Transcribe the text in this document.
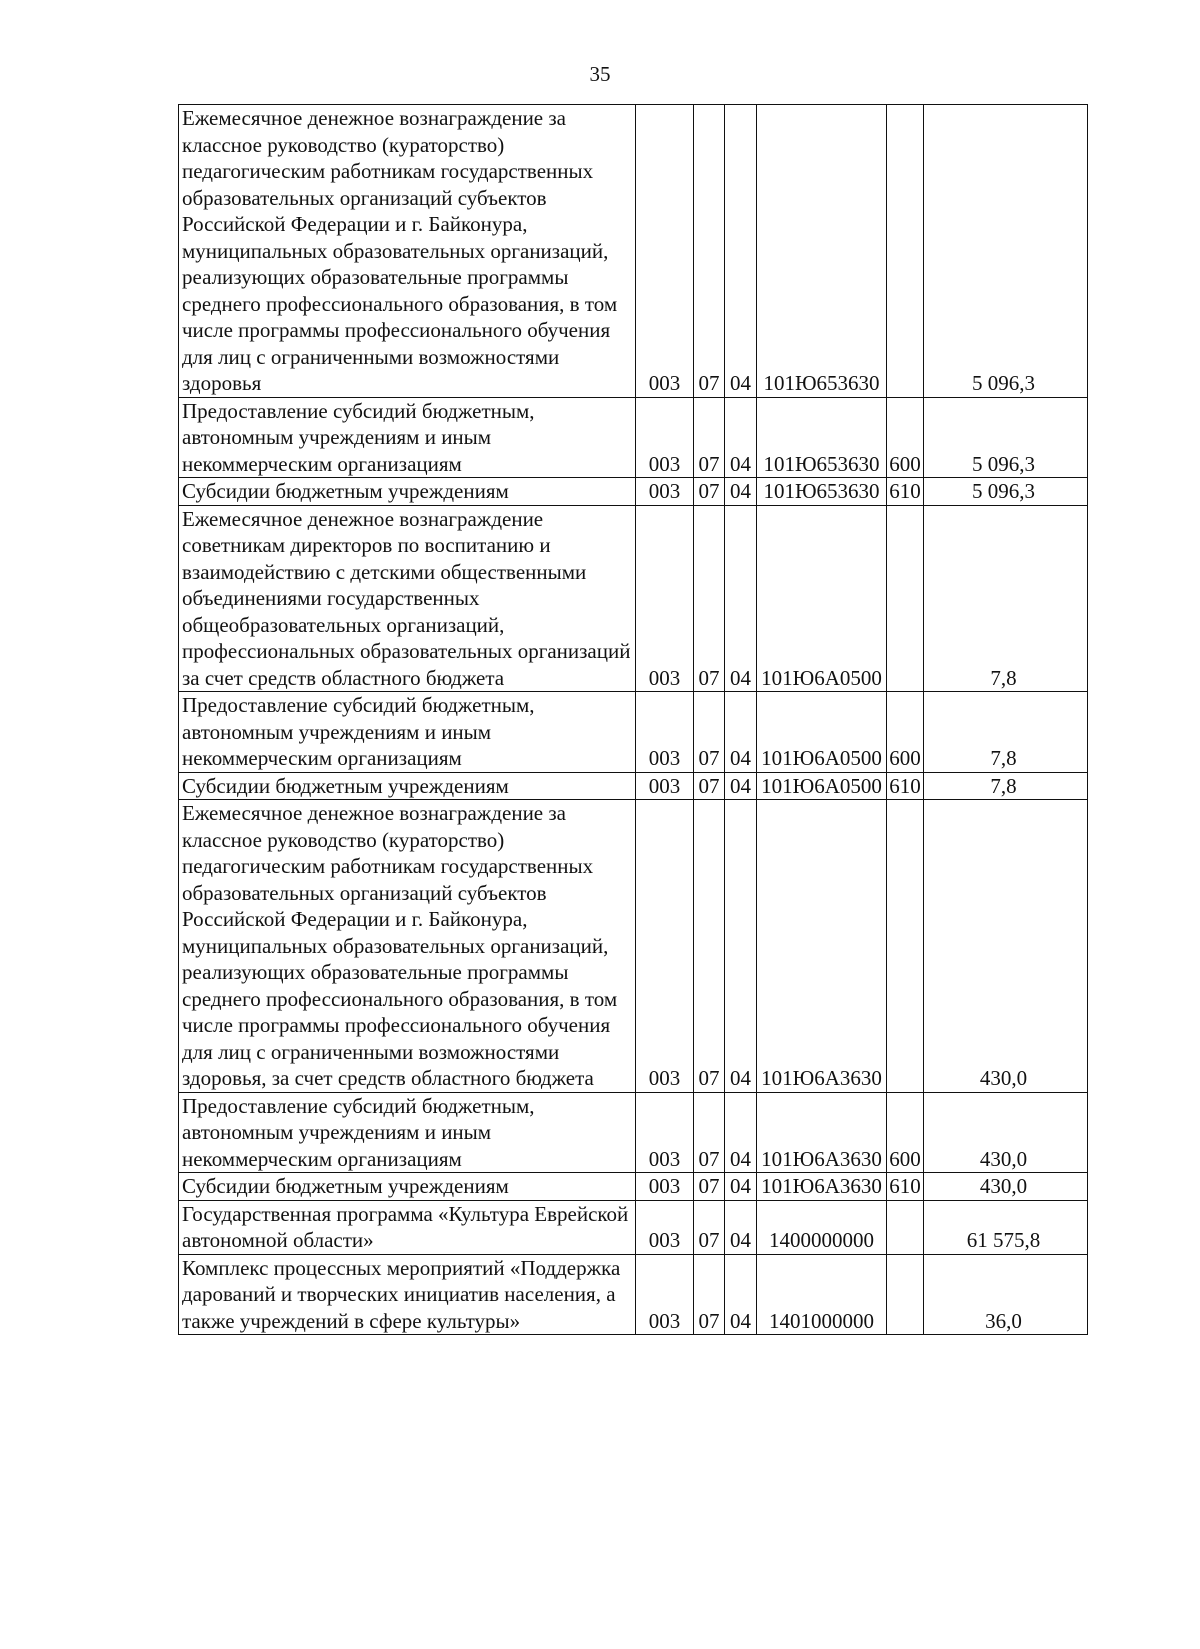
35
Ежемесячное денежное вознаграждение за классное руководство (кураторство) педагогическим работникам государственных образовательных организаций субъектов Российской Федерации и г. Байконура, муниципальных образовательных организаций, реализующих образовательные программы среднего профессионального образования, в том числе программы профессионального обучения для лиц с ограниченными возможностями здоровья	003	07	04	101Ю653630		5 096,3
Предоставление субсидий бюджетным, автономным учреждениям и иным некоммерческим организациям	003	07	04	101Ю653630	600	5 096,3
Субсидии бюджетным учреждениям	003	07	04	101Ю653630	610	5 096,3
Ежемесячное денежное вознаграждение советникам директоров по воспитанию и взаимодействию с детскими общественными объединениями государственных общеобразовательных организаций, профессиональных образовательных организаций за счет средств областного бюджета	003	07	04	101Ю6А0500		7,8
Предоставление субсидий бюджетным, автономным учреждениям и иным некоммерческим организациям	003	07	04	101Ю6А0500	600	7,8
Субсидии бюджетным учреждениям	003	07	04	101Ю6А0500	610	7,8
Ежемесячное денежное вознаграждение за классное руководство (кураторство) педагогическим работникам государственных образовательных организаций субъектов Российской Федерации и г. Байконура, муниципальных образовательных организаций, реализующих образовательные программы среднего профессионального образования, в том числе программы профессионального обучения для лиц с ограниченными возможностями здоровья, за счет средств областного бюджета	003	07	04	101Ю6А3630		430,0
Предоставление субсидий бюджетным, автономным учреждениям и иным некоммерческим организациям	003	07	04	101Ю6А3630	600	430,0
Субсидии бюджетным учреждениям	003	07	04	101Ю6А3630	610	430,0
Государственная программа «Культура Еврейской автономной области»	003	07	04	1400000000		61 575,8
Комплекс процессных мероприятий «Поддержка дарований и творческих инициатив населения, а также учреждений в сфере культуры»	003	07	04	1401000000		36,0
